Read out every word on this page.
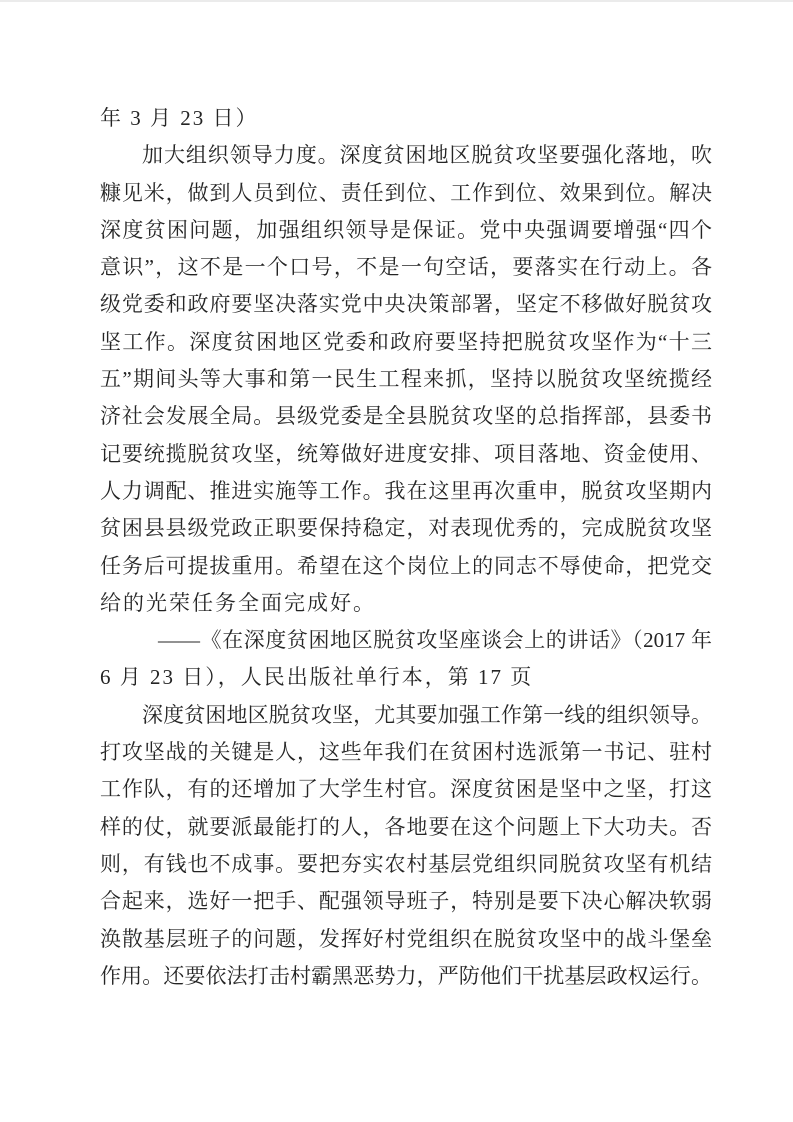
年 3 月 23 日）
加大组织领导力度。深度贫困地区脱贫攻坚要强化落地，吹
糠见米，做到人员到位、责任到位、工作到位、效果到位。解决
深度贫困问题，加强组织领导是保证。党中央强调要增强“四个
意识”，这不是一个口号，不是一句空话，要落实在行动上。各
级党委和政府要坚决落实党中央决策部署，坚定不移做好脱贫攻
坚工作。深度贫困地区党委和政府要坚持把脱贫攻坚作为“十三
五”期间头等大事和第一民生工程来抓，坚持以脱贫攻坚统揽经
济社会发展全局。县级党委是全县脱贫攻坚的总指挥部，县委书
记要统揽脱贫攻坚，统筹做好进度安排、项目落地、资金使用、
人力调配、推进实施等工作。我在这里再次重申，脱贫攻坚期内
贫困县县级党政正职要保持稳定，对表现优秀的，完成脱贫攻坚
任务后可提拔重用。希望在这个岗位上的同志不辱使命，把党交
给的光荣任务全面完成好。
——《在深度贫困地区脱贫攻坚座谈会上的讲话》（2017 年
6 月 23 日），人民出版社单行本，第 17 页
深度贫困地区脱贫攻坚，尤其要加强工作第一线的组织领导。
打攻坚战的关键是人，这些年我们在贫困村选派第一书记、驻村
工作队，有的还增加了大学生村官。深度贫困是坚中之坚，打这
样的仗，就要派最能打的人，各地要在这个问题上下大功夫。否
则，有钱也不成事。要把夯实农村基层党组织同脱贫攻坚有机结
合起来，选好一把手、配强领导班子，特别是要下决心解决软弱
涣散基层班子的问题，发挥好村党组织在脱贫攻坚中的战斗堡垒
作用。还要依法打击村霸黑恶势力，严防他们干扰基层政权运行。
